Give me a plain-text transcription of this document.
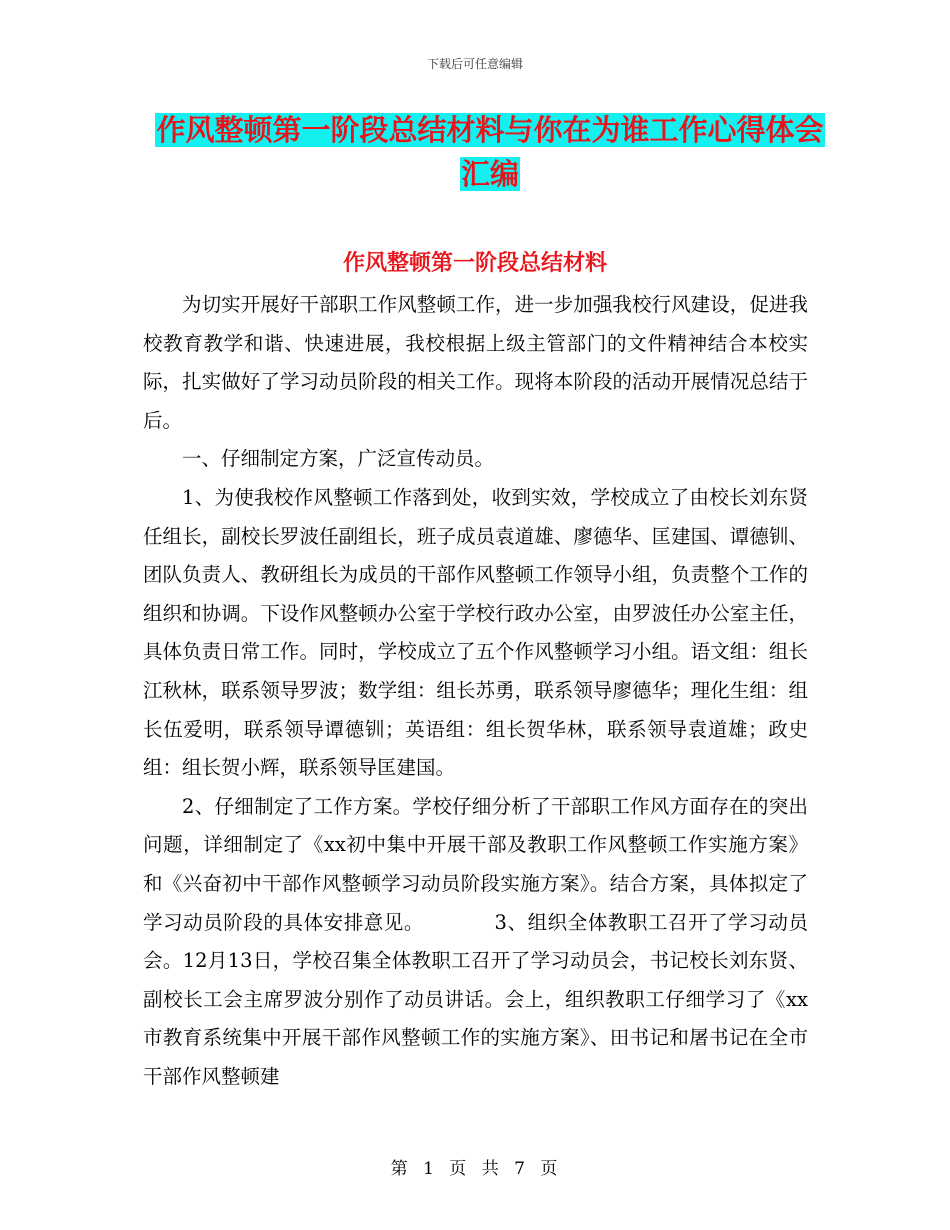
下载后可任意编辑
作风整顿第一阶段总结材料与你在为谁工作心得体会
汇编
作风整顿第一阶段总结材料

为切实开展好干部职工作风整顿工作，进一步加强我校行风建设，促进我校教育教学和谐、快速进展，我校根据上级主管部门的文件精神结合本校实际，扎实做好了学习动员阶段的相关工作。现将本阶段的活动开展情况总结于后。

一、仔细制定方案，广泛宣传动员。

1、为使我校作风整顿工作落到处，收到实效，学校成立了由校长刘东贤任组长，副校长罗波任副组长，班子成员袁道雄、廖德华、匡建国、谭德钏、团队负责人、教研组长为成员的干部作风整顿工作领导小组，负责整个工作的组织和协调。下设作风整顿办公室于学校行政办公室，由罗波任办公室主任，具体负责日常工作。同时，学校成立了五个作风整顿学习小组。语文组：组长江秋林，联系领导罗波；数学组：组长苏勇，联系领导廖德华；理化生组：组长伍爱明，联系领导谭德钏；英语组：组长贺华林，联系领导袁道雄；政史组：组长贺小辉，联系领导匡建国。

2、仔细制定了工作方案。学校仔细分析了干部职工作风方面存在的突出问题，详细制定了《xx初中集中开展干部及教职工作风整顿工作实施方案》和《兴奋初中干部作风整顿学习动员阶段实施方案》。结合方案，具体拟定了学习动员阶段的具体安排意见。　　　　3、组织全体教职工召开了学习动员会。12月13日，学校召集全体教职工召开了学习动员会，书记校长刘东贤、副校长工会主席罗波分别作了动员讲话。会上，组织教职工仔细学习了《xx市教育系统集中开展干部作风整顿工作的实施方案》、田书记和屠书记在全市干部作风整顿建

第 1 页 共 7 页
